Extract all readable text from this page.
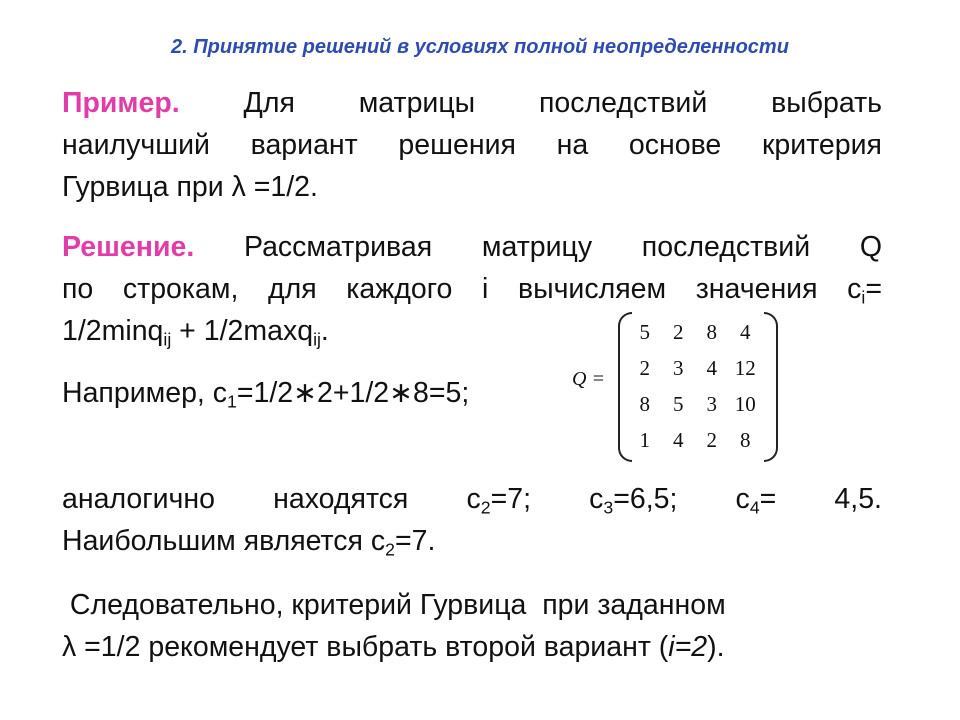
2. Принятие решений в условиях полной неопределенности
Пример. Для матрицы последствий выбрать
наилучший вариант решения на основе критерия
Гурвица при λ =1/2.
Решение. Рассматривая матрицу последствий Q
по строкам, для каждого i вычисляем значения $c_i=$
1/2minq$_{ij}$ + 1/2maxq$_{ij}$.
Например, $c_1=1/2∗2+1/2∗8=5$;
аналогично находятся $c_2=7$; $c_3=6,5$; $c_4= 4,5$.
Наибольшим является $c_2=7$.
Следовательно, критерий Гурвица  при заданном
λ =1/2 рекомендует выбрать второй вариант (i=2).
Q =
5 2 8 4
2 3 4 12
8 5 3 10
1 4 2 8
